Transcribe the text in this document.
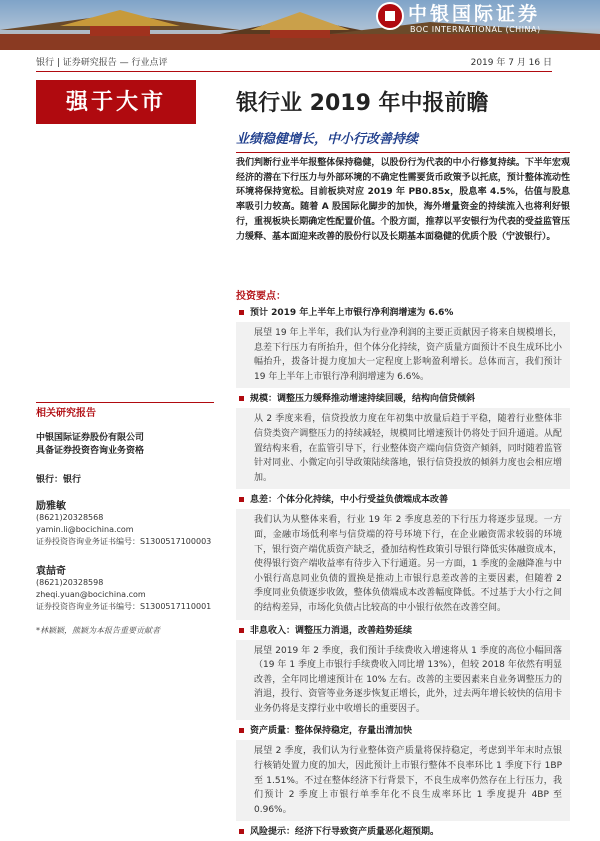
中银国际证券
BOC INTERNATIONAL (CHINA)
银行 | 证券研究报告 — 行业点评	2019 年 7 月 16 日
强于大市	银行业 2019 年中报前瞻
业绩稳健增长，中小行改善持续
我们判断行业半年报整体保持稳健，以股份行为代表的中小行修复持续。下半年宏观经济的潜在下行压力与外部环境的不确定性需要货币政策予以托底，预计整体流动性环境将保持宽松。目前板块对应 2019 年 PB0.85x，股息率 4.5%，估值与股息率吸引力较高。随着 A 股国际化脚步的加快，海外增量资金的持续流入也将利好银行，重视板块长期确定性配置价值。个股方面，推荐以平安银行为代表的受益监管压力缓释、基本面迎来改善的股份行以及长期基本面稳健的优质个股（宁波银行）。
投资要点：
预计 2019 年上半年上市银行净利润增速为 6.6%
展望 19 年上半年，我们认为行业净利润的主要正贡献因子将来自规模增长，息差下行压力有所抬升，但个体分化持续，资产质量方面预计不良生成环比小幅抬升，拨备计提力度加大一定程度上影响盈利增长。总体而言，我们预计 19 年上半年上市银行净利润增速为 6.6%。
规模：调整压力缓释推动增速持续回暖，结构向信贷倾斜
从 2 季度来看，信贷投放力度在年初集中放量后趋于平稳，随着行业整体非信贷类资产调整压力的持续减轻，规模同比增速预计仍将处于回升通道。从配置结构来看，在监管引导下，行业整体资产端向信贷资产倾斜，同时随着监管针对同业、小微定向引导政策陆续落地，银行信贷投放的倾斜力度也会相应增加。
息差：个体分化持续，中小行受益负债端成本改善
我们认为从整体来看，行业 19 年 2 季度息差的下行压力将逐步显现。一方面，金融市场低利率与信贷端的符号环境下行，在企业融资需求较弱的环境下，银行资产端优质资产缺乏，叠加结构性政策引导银行降低实体融资成本，使得银行资产端收益率有待步入下行通道。另一方面，1 季度的金融降准与中小银行高息同业负债的置换是推动上市银行息差改善的主要因素，但随着 2 季度同业负债逐步收敛，整体负债端成本改善幅度降低。不过基于大小行之间的结构差异，市场化负债占比较高的中小银行依然在改善空间。
非息收入：调整压力消退，改善趋势延续
展望 2019 年 2 季度，我们预计手续费收入增速将从 1 季度的高位小幅回落（19 年 1 季度上市银行手续费收入同比增 13%），但较 2018 年依然有明显改善，全年同比增速预计在 10% 左右。改善的主要因素来自业务调整压力的消退，投行、资管等业务逐步恢复正增长，此外，过去两年增长较快的信用卡业务仍将是支撑行业中收增长的重要因子。
资产质量：整体保持稳定，存量出清加快
展望 2 季度，我们认为行业整体资产质量将保持稳定，考虑到半年末时点银行核销处置力度的加大，因此预计上市银行整体不良率环比 1 季度下行 1BP 至 1.51%。不过在整体经济下行背景下，不良生成率仍然存在上行压力，我们预计 2 季度上市银行单季年化不良生成率环比 1 季度提升 4BP 至 0.96%。
风险提示：经济下行导致资产质量恶化超预期。
相关研究报告
中银国际证券股份有限公司
具备证券投资咨询业务资格
银行：银行
励雅敏
(8621)20328568
yamin.li@bocichina.com
证券投资咨询业务证书编号：S1300517100003
袁喆奇
(8621)20328598
zheqi.yuan@bocichina.com
证券投资咨询业务证书编号：S1300517110001
*林颖颖，熊颖为本报告重要贡献者
